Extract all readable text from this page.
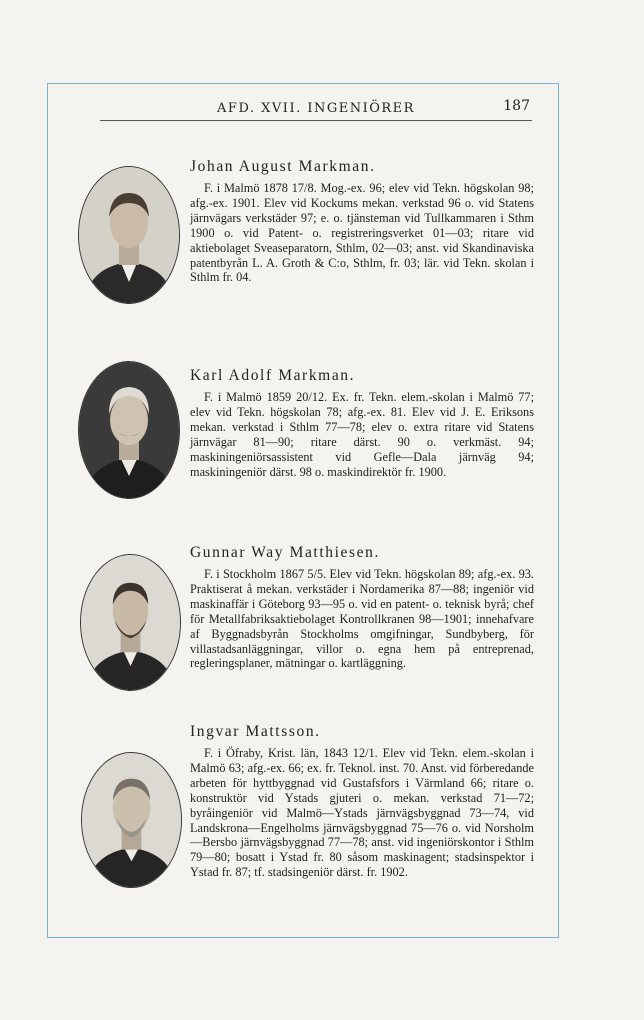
AFD. XVII. INGENIÖRER	187
Johan August Markman.
F. i Malmö 1878 17/8. Mog.-ex. 96; elev vid Tekn. högskolan 98; afg.-ex. 1901. Elev vid Kockums mekan. verkstad 96 o. vid Statens järnvägars verkstäder 97; e. o. tjänsteman vid Tullkammaren i Sthm 1900 o. vid Patent- o. registreringsverket 01—03; ritare vid aktiebolaget Sveaseparatorn, Sthlm, 02—03; anst. vid Skandinaviska patentbyrån L. A. Groth & C:o, Sthlm, fr. 03; lär. vid Tekn. skolan i Sthlm fr. 04.
Karl Adolf Markman.
F. i Malmö 1859 20/12. Ex. fr. Tekn. elem.-skolan i Malmö 77; elev vid Tekn. högskolan 78; afg.-ex. 81. Elev vid J. E. Eriksons mekan. verkstad i Sthlm 77—78; elev o. extra ritare vid Statens järnvägar 81—90; ritare därst. 90 o. verkmäst. 94; maskiningeniörsassistent vid Gefle—Dala järnväg 94; maskiningeniör därst. 98 o. maskindirektör fr. 1900.
Gunnar Way Matthiesen.
F. i Stockholm 1867 5/5. Elev vid Tekn. högskolan 89; afg.-ex. 93. Praktiserat å mekan. verkstäder i Nordamerika 87—88; ingeniör vid maskinaffär i Göteborg 93—95 o. vid en patent- o. teknisk byrå; chef för Metallfabriksaktiebolaget Kontrollkranen 98—1901; innehafvare af Byggnadsbyrån Stockholms omgifningar, Sundbyberg, för villastadsanläggningar, villor o. egna hem på entreprenad, regleringsplaner, mätningar o. kartläggning.
Ingvar Mattsson.
F. i Öfraby, Krist. län, 1843 12/1. Elev vid Tekn. elem.-skolan i Malmö 63; afg.-ex. 66; ex. fr. Teknol. inst. 70. Anst. vid förberedande arbeten för hyttbyggnad vid Gustafsfors i Värmland 66; ritare o. konstruktör vid Ystads gjuteri o. mekan. verkstad 71—72; byråingeniör vid Malmö—Ystads järnvägsbyggnad 73—74, vid Landskrona—Engelholms järnvägsbyggnad 75—76 o. vid Norsholm—Bersbo järnvägsbyggnad 77—78; anst. vid ingeniörskontor i Sthlm 79—80; bosatt i Ystad fr. 80 såsom maskinagent; stadsinspektor i Ystad fr. 87; tf. stadsingeniör därst. fr. 1902.
